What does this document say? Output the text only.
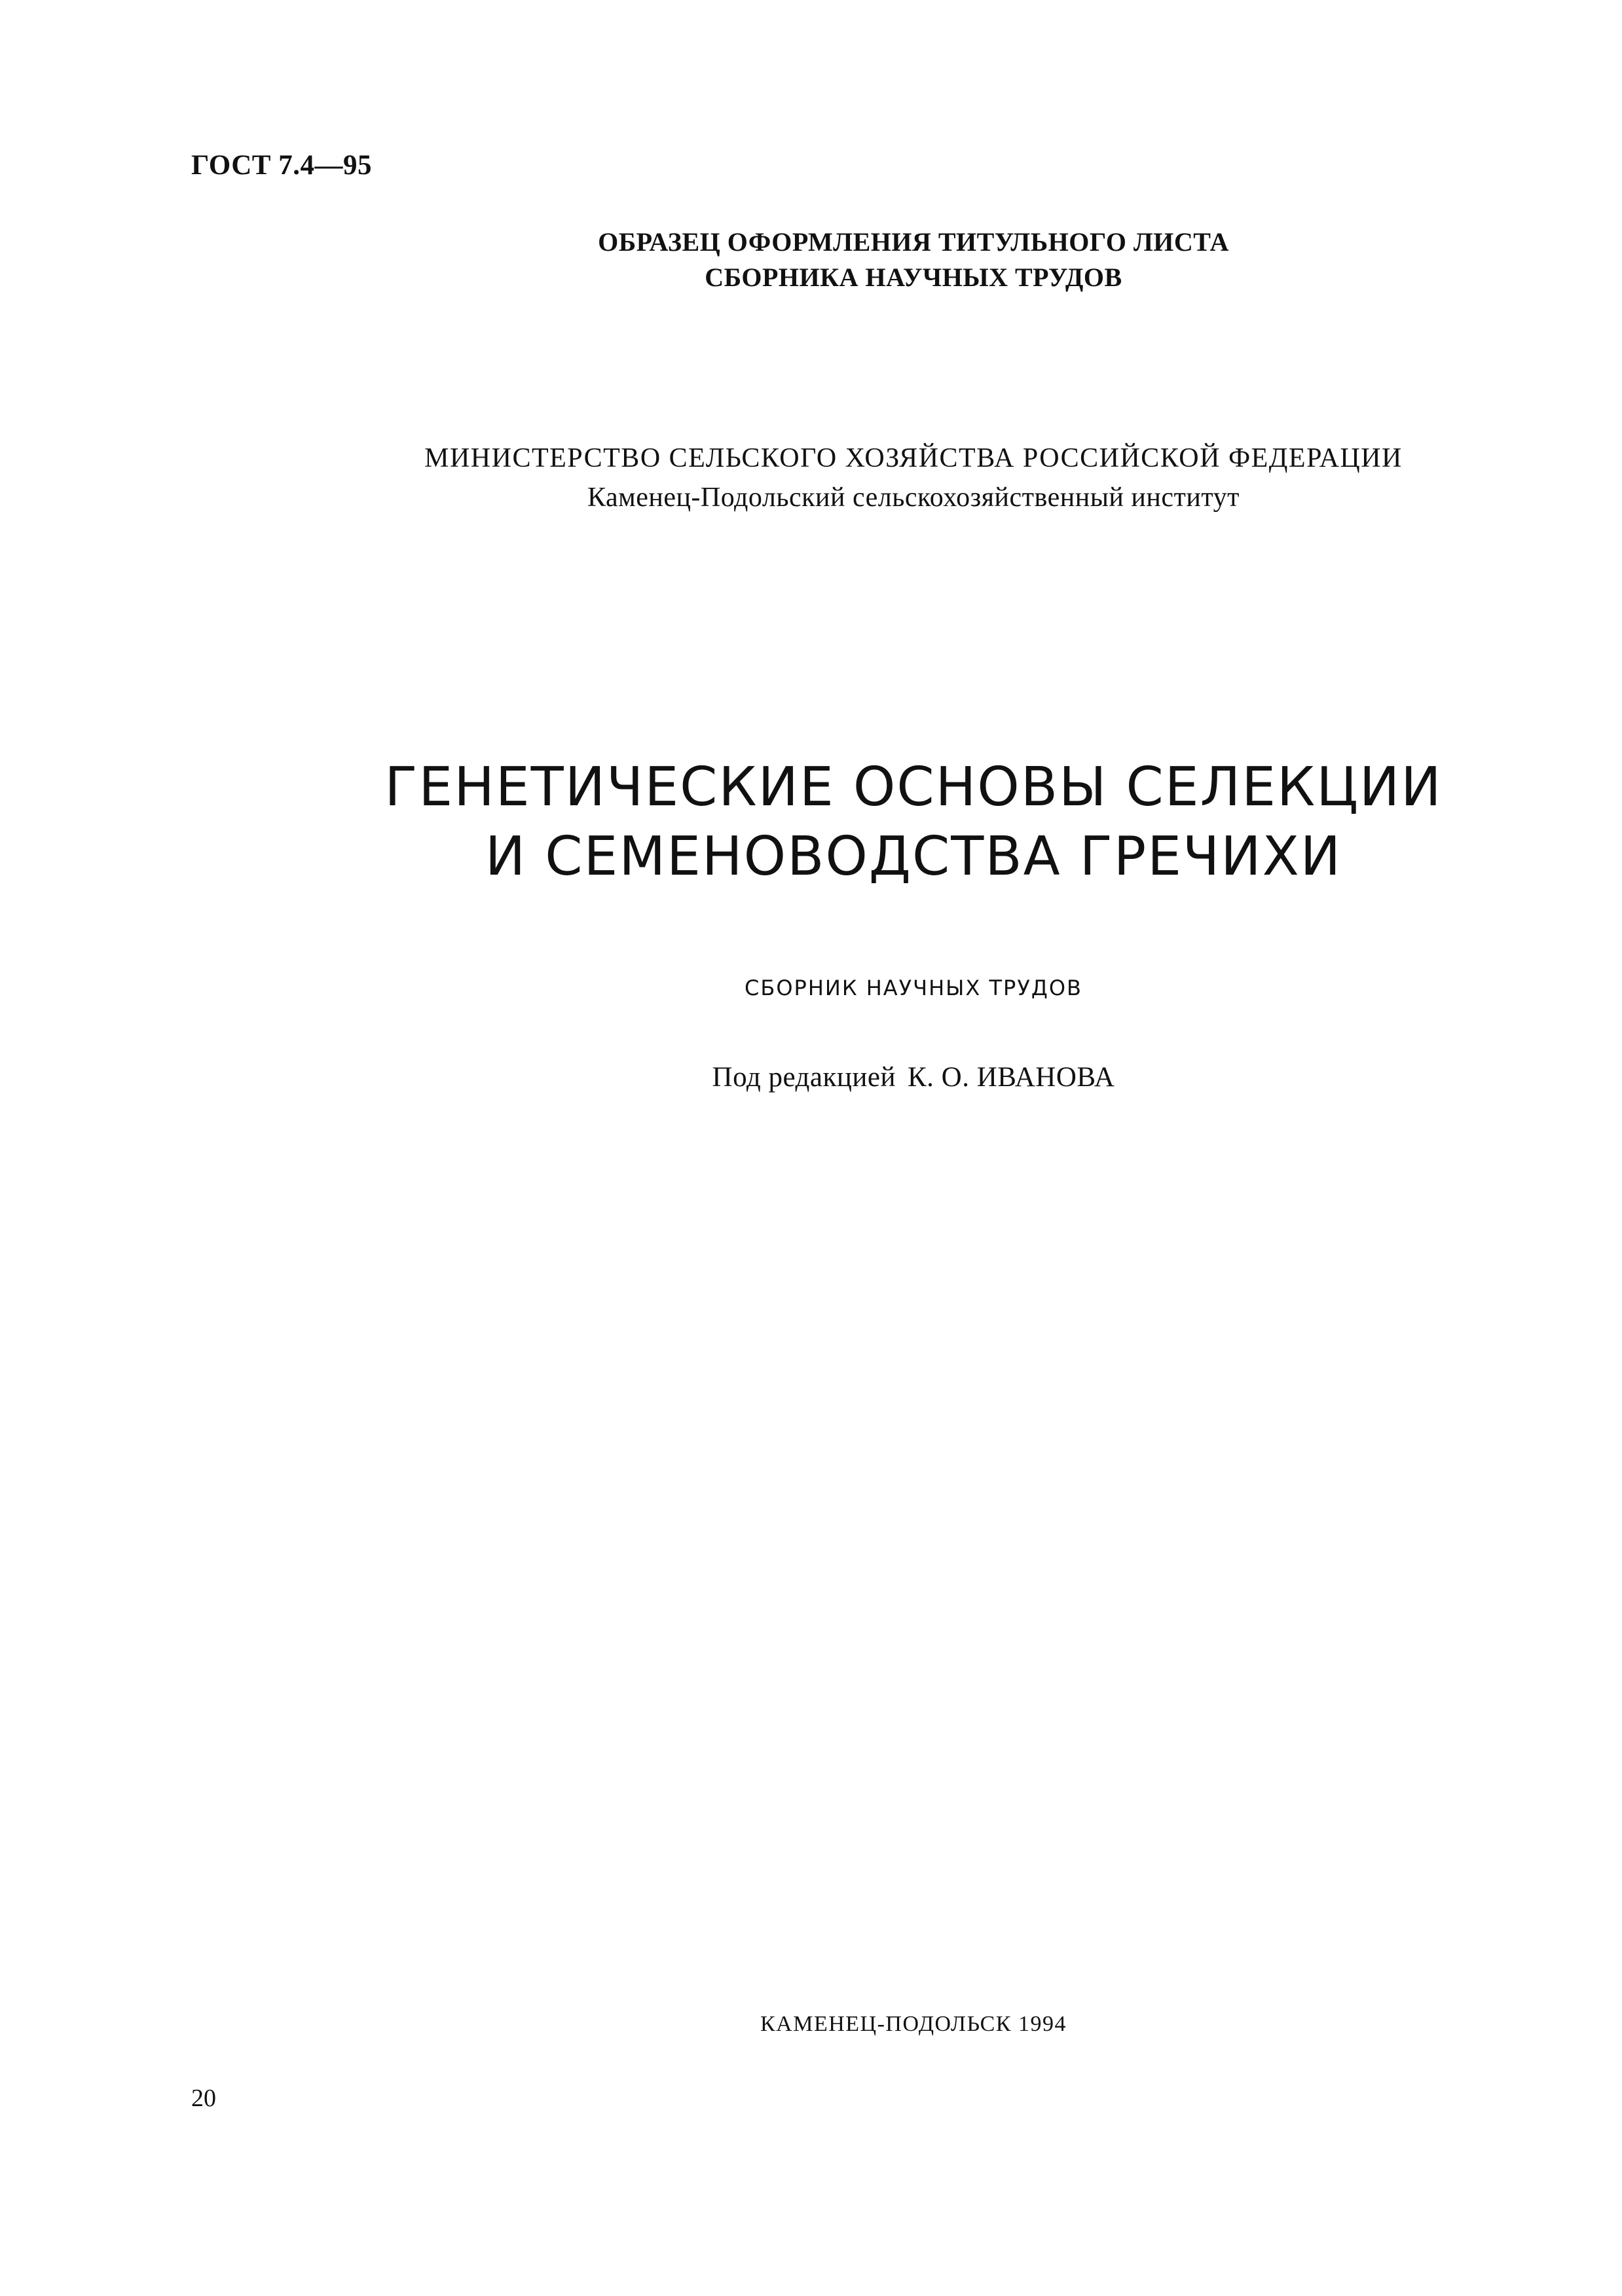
ГОСТ 7.4—95
ОБРАЗЕЦ ОФОРМЛЕНИЯ ТИТУЛЬНОГО ЛИСТА
СБОРНИКА НАУЧНЫХ ТРУДОВ
МИНИСТЕРСТВО СЕЛЬСКОГО ХОЗЯЙСТВА РОССИЙСКОЙ ФЕДЕРАЦИИ
Каменец-Подольский сельскохозяйственный институт
ГЕНЕТИЧЕСКИЕ ОСНОВЫ СЕЛЕКЦИИ
И СЕМЕНОВОДСТВА ГРЕЧИХИ
СБОРНИК НАУЧНЫХ ТРУДОВ
Под редакцией К. О. ИВАНОВА
КАМЕНЕЦ-ПОДОЛЬСК 1994
20
